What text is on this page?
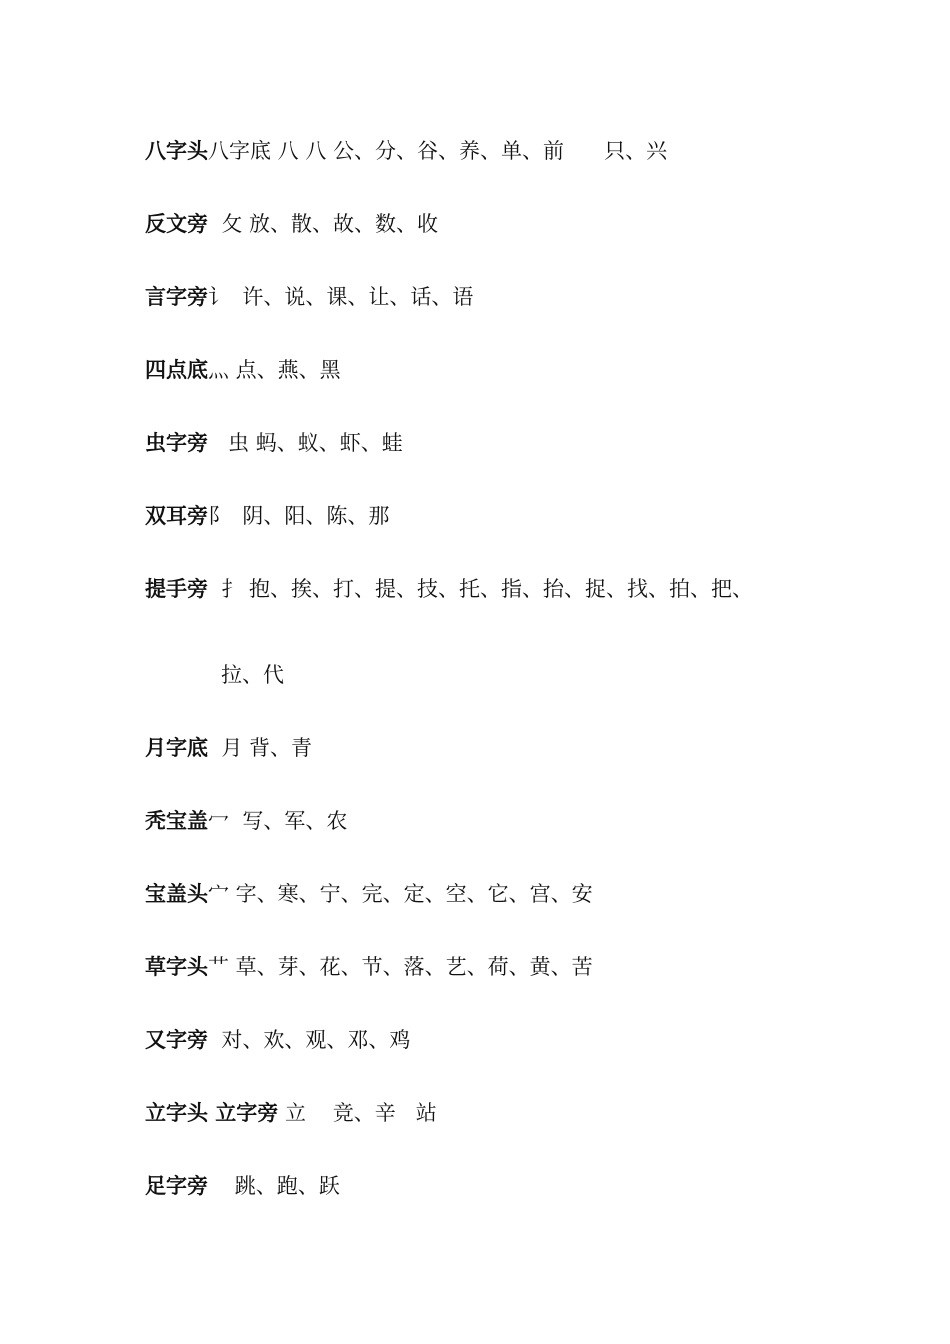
八字头八字底 八 八 公、分、谷、养、单、前      只、兴
反文旁  攵 放、散、故、数、收
言字旁讠  许、说、课、让、话、语
四点底灬 点、燕、黑
虫字旁   虫 蚂、蚁、虾、蛙
双耳旁阝  阴、阳、陈、那
提手旁  扌 抱、挨、打、提、技、托、指、抬、捉、找、拍、把、
拉、代
月字底  月 背、青
秃宝盖冖  写、军、农
宝盖头宀 字、寒、宁、完、定、空、它、宫、安
草字头艹 草、芽、花、节、落、艺、荷、黄、苦
又字旁  对、欢、观、邓、鸡
立字头 立字旁 立    竞、辛   站
足字旁    跳、跑、跃
